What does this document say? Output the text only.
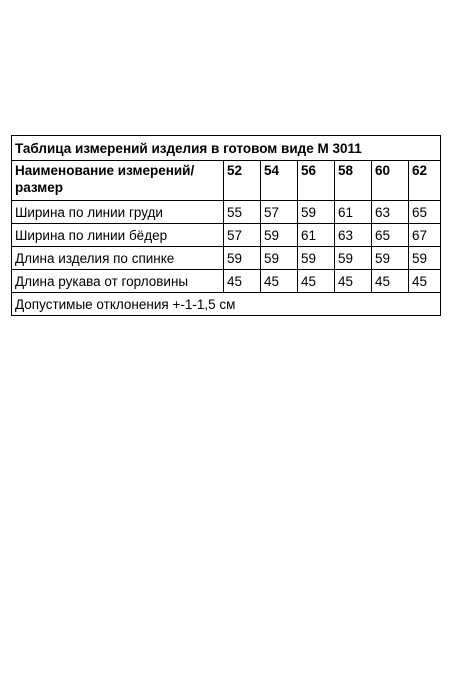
Таблица измерений изделия в готовом виде М 3011						
Наименование измерений/размер	52	54	56	58	60	62
Ширина по линии груди	55	57	59	61	63	65
Ширина по линии бёдер	57	59	61	63	65	67
Длина изделия по спинке	59	59	59	59	59	59
Длина рукава от горловины	45	45	45	45	45	45
Допустимые отклонения +-1-1,5 см						
